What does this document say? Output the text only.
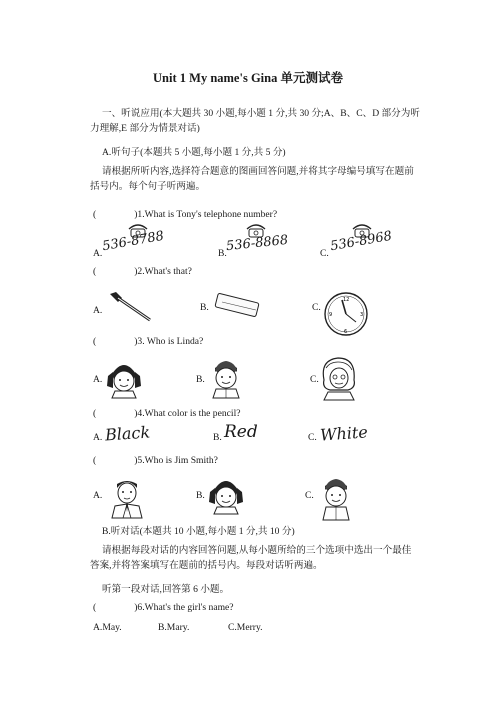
Unit 1 My name's Gina 单元测试卷
一、听说应用(本大题共 30 小题,每小题 1 分,共 30 分;A、B、C、D 部分为听力理解,E 部分为情景对话)
A.听句子(本题共 5 小题,每小题 1 分,共 5 分)
请根据所听内容,选择符合题意的图画回答问题,并将其字母编号填写在题前括号内。每个句子听两遍。
(	)1.What is Tony's telephone number?
A.	B.	C.
536-8788	536-8868	536-8968
(	)2.What's that?
A.	B.	C.
12
3
6
9
(	)3. Who is Linda?
A.	B.	C.
(	)4.What color is the pencil?
A.	B.	C.
Black	Red	White
(	)5.Who is Jim Smith?
A.	B.	C.
B.听对话(本题共 10 小题,每小题 1 分,共 10 分)
请根据每段对话的内容回答问题,从每小题所给的三个选项中选出一个最佳答案,并将答案填写在题前的括号内。每段对话听两遍。
听第一段对话,回答第 6 小题。
(	)6.What's the girl's name?
A.May.	B.Mary.	C.Merry.
